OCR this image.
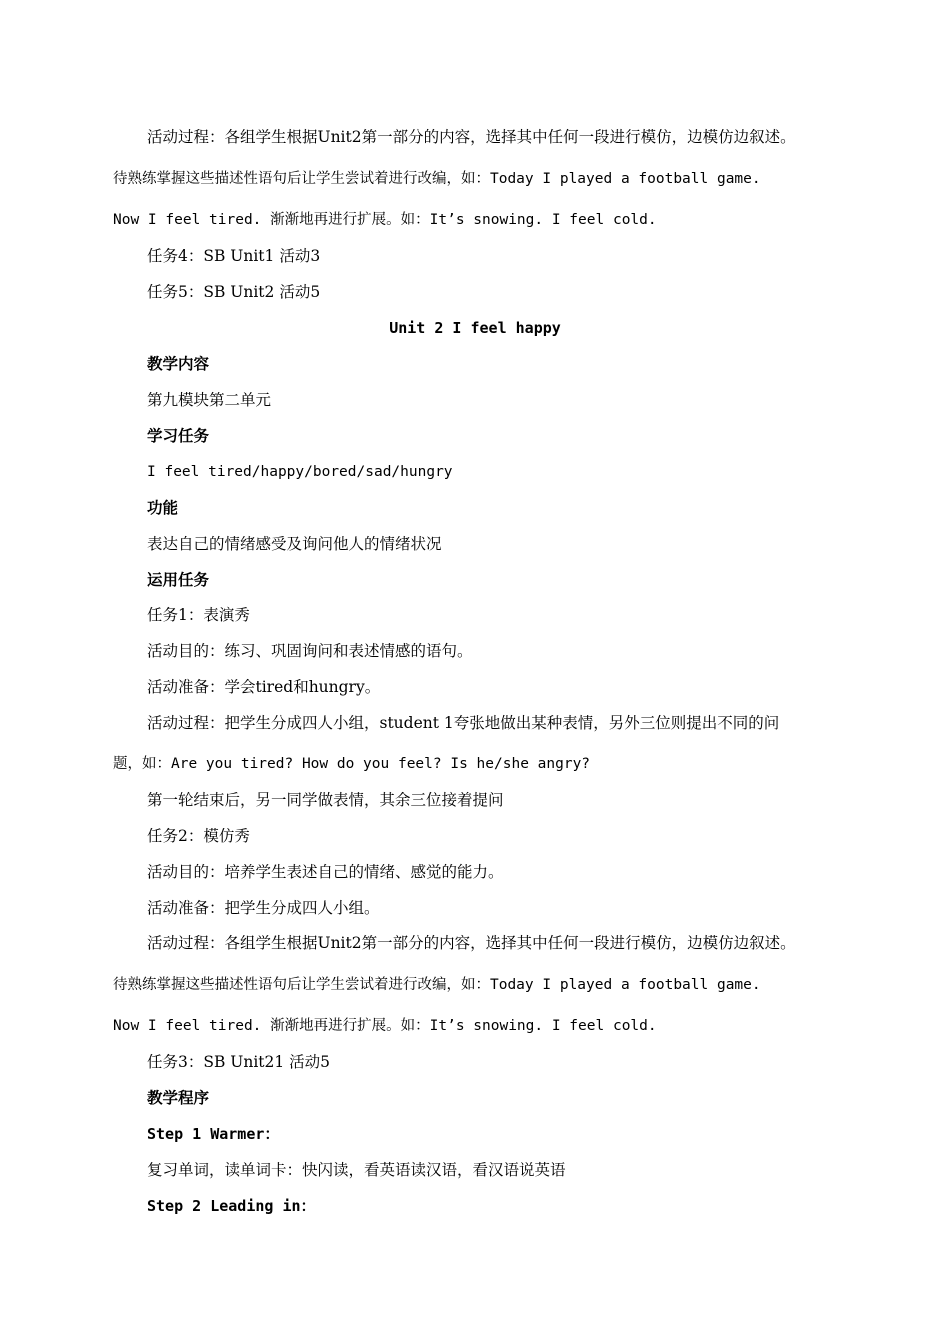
活动过程：各组学生根据Unit2第一部分的内容，选择其中任何一段进行模仿，边模仿边叙述。
待熟练掌握这些描述性语句后让学生尝试着进行改编，如：Today I played a football game.
Now I feel tired. 渐渐地再进行扩展。如：It’s snowing. I feel cold.
任务4：SB Unit1 活动3
任务5：SB Unit2 活动5
Unit 2 I feel happy
教学内容
第九模块第二单元
学习任务
I feel tired/happy/bored/sad/hungry
功能
表达自己的情绪感受及询问他人的情绪状况
运用任务
任务1：表演秀
活动目的：练习、巩固询问和表述情感的语句。
活动准备：学会tired和hungry。
活动过程：把学生分成四人小组，student 1夸张地做出某种表情，另外三位则提出不同的问
题，如：Are you tired? How do you feel? Is he/she angry?
第一轮结束后，另一同学做表情，其余三位接着提问
任务2：模仿秀
活动目的：培养学生表述自己的情绪、感觉的能力。
活动准备：把学生分成四人小组。
活动过程：各组学生根据Unit2第一部分的内容，选择其中任何一段进行模仿，边模仿边叙述。
待熟练掌握这些描述性语句后让学生尝试着进行改编，如：Today I played a football game.
Now I feel tired. 渐渐地再进行扩展。如：It’s snowing. I feel cold.
任务3：SB Unit21 活动5
教学程序
Step 1 Warmer：
复习单词，读单词卡：快闪读，看英语读汉语，看汉语说英语
Step 2 Leading in：
